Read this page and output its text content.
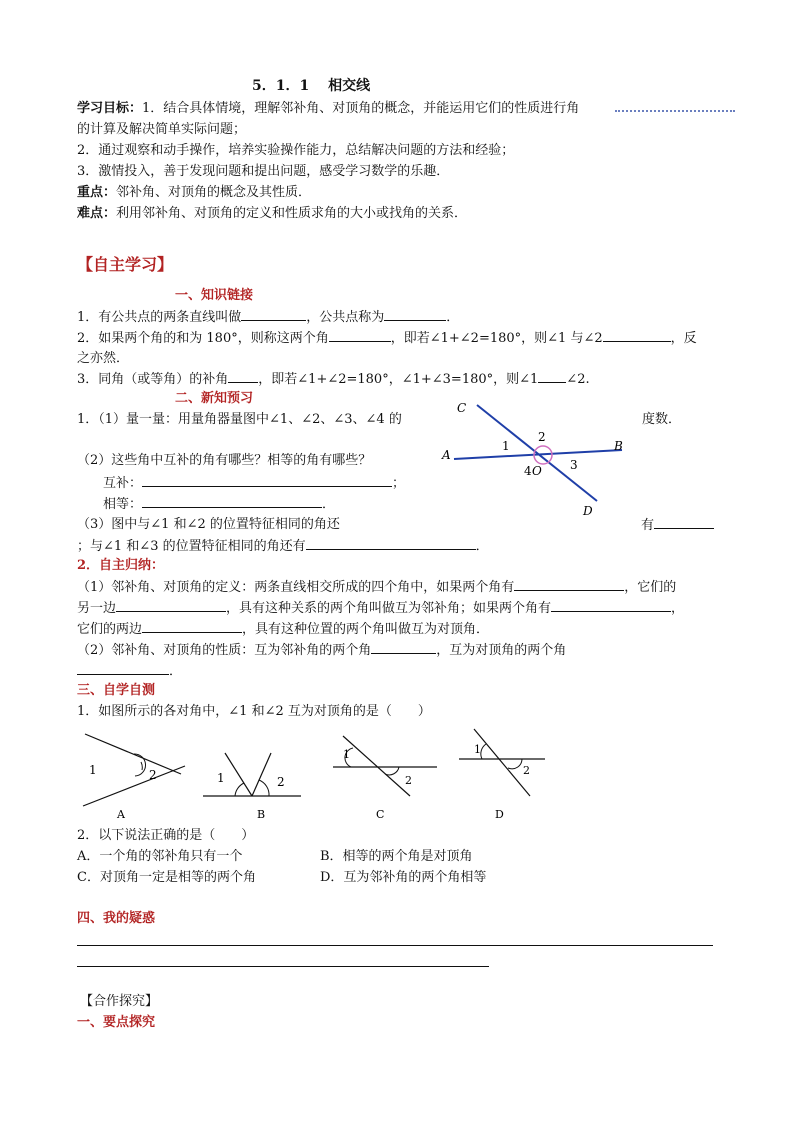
5．1．1　 相交线
学习目标：1．结合具体情境，理解邻补角、对顶角的概念，并能运用它们的性质进行角
的计算及解决简单实际问题；
2．通过观察和动手操作，培养实验操作能力，总结解决问题的方法和经验；
3．激情投入，善于发现问题和提出问题，感受学习数学的乐趣．
重点：邻补角、对顶角的概念及其性质．
难点：利用邻补角、对顶角的定义和性质求角的大小或找角的关系．
【自主学习】
一、知识链接
1．有公共点的两条直线叫做	，公共点称为	．
2．如果两个角的和为 180°，则称这两个角	，即若∠1+∠2=180°，则∠1 与∠2	，反
之亦然．
3．同角（或等角）的补角 ，即若∠1+∠2=180°，∠1+∠3=180°，则∠1 ∠2.
二、新知预习
1．（1）量一量：用量角器量图中∠1、∠2、∠3、∠4 的	度数．
C
A
B
D
O
1
2
3
4
（2）这些角中互补的角有哪些？相等的角有哪些？
互补：	；
相等：	．
（3）图中与∠1 和∠2 的位置特征相同的角还	有
；与∠1 和∠3 的位置特征相同的角还有	．
2．自主归纳：
（1）邻补角、对顶角的定义：两条直线相交所成的四个角中，如果两个角有	，它们的
另一边	，具有这种关系的两个角叫做互为邻补角；如果两个角有	，
它们的两边	，具有这种位置的两个角叫做互为对顶角．
（2）邻补角、对顶角的性质：互为邻补角的两个角	，互为对顶角的两个角
．
三、自学自测
1．如图所示的各对角中，∠1 和∠2 互为对顶角的是（　　）
1	2
A
1	2
B
1
2
C
1
2
D
2．以下说法正确的是（　　）
A．一个角的邻补角只有一个	B．相等的两个角是对顶角
C．对顶角一定是相等的两个角	D．互为邻补角的两个角相等
四、我的疑惑
【合作探究】
一、要点探究
